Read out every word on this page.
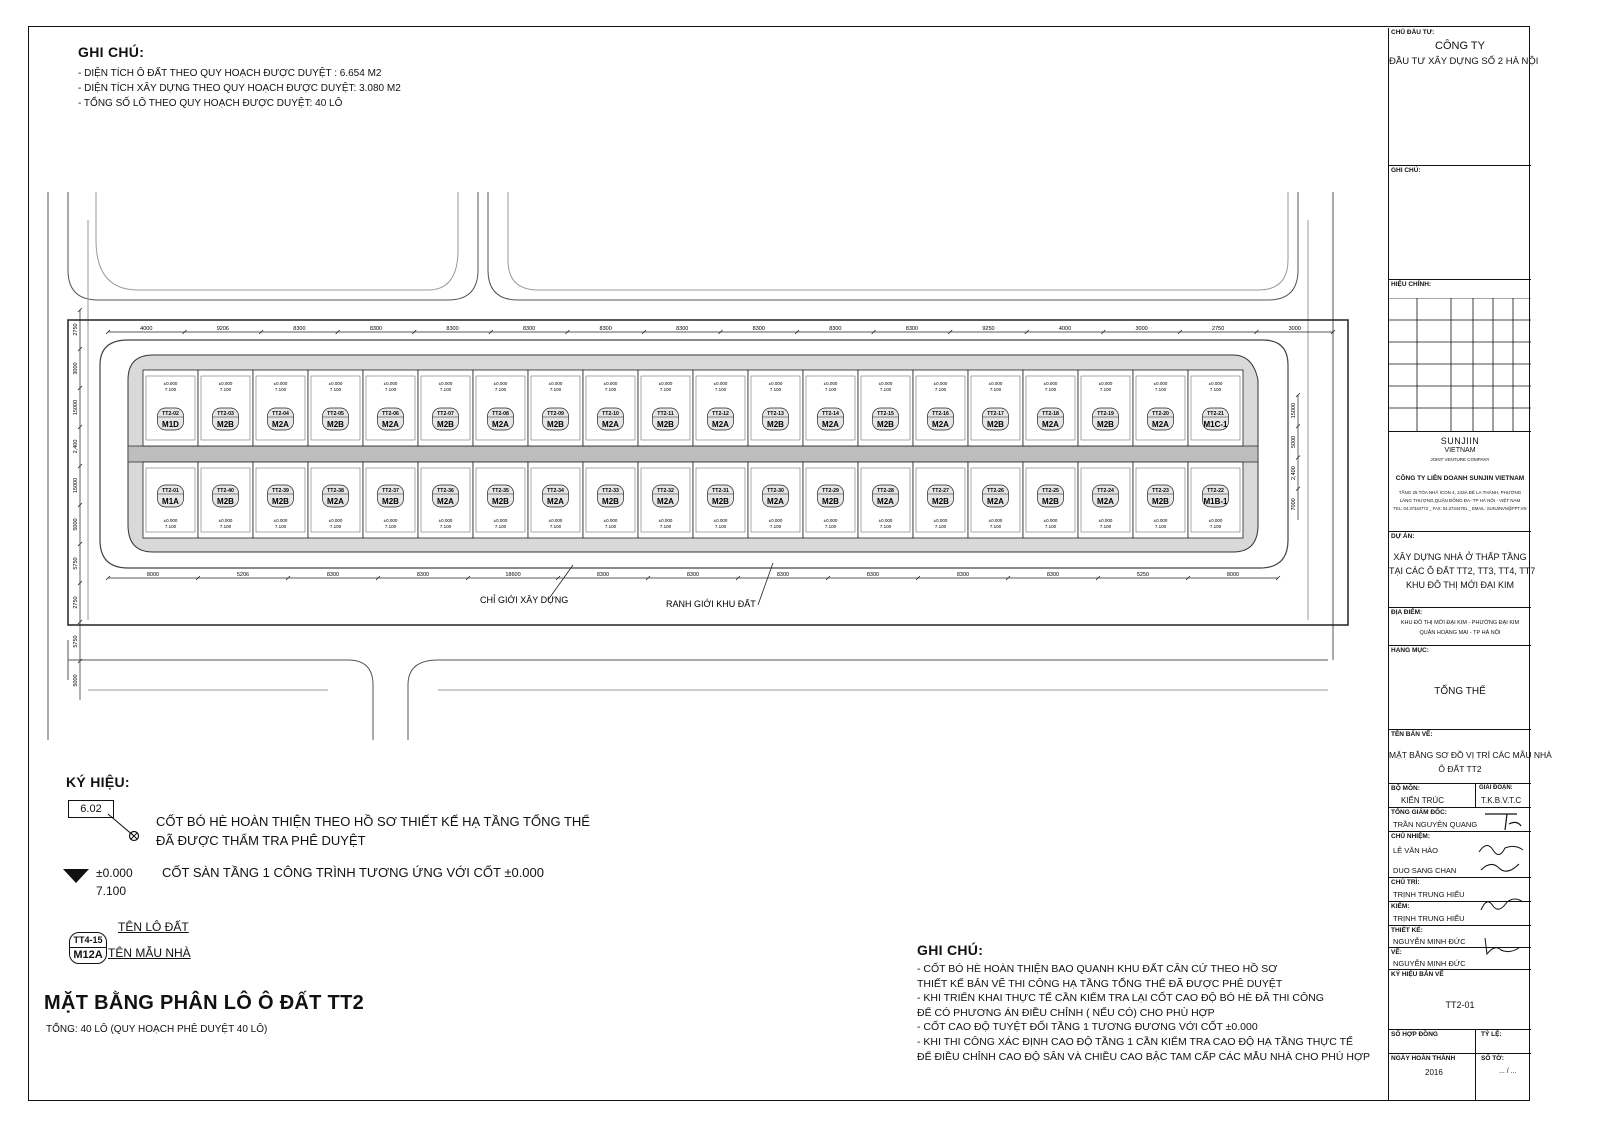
GHI CHÚ:
- DIỆN TÍCH Ô ĐẤT THEO QUY HOẠCH ĐƯỢC DUYỆT : 6.654 M2
- DIỆN TÍCH XÂY DỰNG THEO QUY HOẠCH ĐƯỢC DUYỆT: 3.080 M2
- TỔNG SỐ LÔ THEO QUY HOẠCH ĐƯỢC DUYỆT: 40 LÔ
±0.000
7.100
TT2-02
M1D
±0.000
7.100
TT2-03
M2B
±0.000
7.100
TT2-04
M2A
±0.000
7.100
TT2-05
M2B
±0.000
7.100
TT2-06
M2A
±0.000
7.100
TT2-07
M2B
±0.000
7.100
TT2-08
M2A
±0.000
7.100
TT2-09
M2B
±0.000
7.100
TT2-10
M2A
±0.000
7.100
TT2-11
M2B
±0.000
7.100
TT2-12
M2A
±0.000
7.100
TT2-13
M2B
±0.000
7.100
TT2-14
M2A
±0.000
7.100
TT2-15
M2B
±0.000
7.100
TT2-16
M2A
±0.000
7.100
TT2-17
M2B
±0.000
7.100
TT2-18
M2A
±0.000
7.100
TT2-19
M2B
±0.000
7.100
TT2-20
M2A
±0.000
7.100
TT2-21
M1C-1
±0.000
7.100
TT2-01
M1A
±0.000
7.100
TT2-40
M2B
±0.000
7.100
TT2-39
M2B
±0.000
7.100
TT2-38
M2A
±0.000
7.100
TT2-37
M2B
±0.000
7.100
TT2-36
M2A
±0.000
7.100
TT2-35
M2B
±0.000
7.100
TT2-34
M2A
±0.000
7.100
TT2-33
M2B
±0.000
7.100
TT2-32
M2A
±0.000
7.100
TT2-31
M2B
±0.000
7.100
TT2-30
M2A
±0.000
7.100
TT2-29
M2B
±0.000
7.100
TT2-28
M2A
±0.000
7.100
TT2-27
M2B
±0.000
7.100
TT2-26
M2A
±0.000
7.100
TT2-25
M2B
±0.000
7.100
TT2-24
M2A
±0.000
7.100
TT2-23
M2B
±0.000
7.100
TT2-22
M1B-1
4000	9206	8300	8300	8300	8300	8300	8300	8300	8300	8300	9250	4000	3000	2750	3000
8000	5206	8300	8300	18600	8300	8300	8300	8300	8300	8300	5250	8000
2750
3000
15000
2,400
15000
5000
5750
2750
5750
5000
15000
5000
2,400
7000
CHỈ GIỚI XÂY DỰNG	RANH GIỚI KHU ĐẤT
KÝ HIỆU:
6.02
CỐT BÓ HÈ HOÀN THIỆN THEO HỒ SƠ THIẾT KẾ HẠ TẦNG TỔNG THỂ
ĐÃ ĐƯỢC THẨM TRA PHÊ DUYỆT
±0.000
7.100
CỐT SÀN TẦNG 1 CÔNG TRÌNH TƯƠNG ỨNG VỚI CỐT ±0.000
TT4-15
M12A
TÊN LÔ ĐẤT
TÊN MẪU NHÀ
MẶT BẰNG PHÂN LÔ Ô ĐẤT TT2
TỔNG: 40 LÔ (QUY HOẠCH PHÊ DUYỆT 40 LÔ)
GHI CHÚ:
- CỐT BÓ HÈ HOÀN THIỆN BAO QUANH KHU ĐẤT CĂN CỨ THEO HỒ SƠ
THIẾT KẾ BẢN VẼ THI CÔNG HẠ TẦNG TỔNG THỂ ĐÃ ĐƯỢC PHÊ DUYỆT
- KHI TRIỂN KHAI THỰC TẾ CẦN KIỂM TRA LẠI CỐT CAO ĐỘ BÓ HÈ ĐÃ THI CÔNG
ĐỂ CÓ PHƯƠNG ÁN ĐIỀU CHỈNH ( NẾU CÓ) CHO PHÙ HỢP
- CỐT CAO ĐỘ TUYỆT ĐỐI TẦNG 1 TƯƠNG ĐƯƠNG VỚI CỐT ±0.000
- KHI THI CÔNG XÁC ĐỊNH CAO ĐỘ TẦNG 1 CẦN KIỂM TRA CAO ĐỘ HẠ TẦNG THỰC TẾ
ĐỂ ĐIỀU CHỈNH CAO ĐỘ SÂN VÀ CHIỀU CAO BẬC TAM CẤP CÁC MẪU NHÀ CHO PHÙ HỢP
CHỦ ĐẦU TƯ:
CÔNG TY
ĐẦU TƯ XÂY DỰNG SỐ 2 HÀ NỘI
GHI CHÚ:
HIỆU CHỈNH:
SUNJIIN
VIETNAM
JOINT VENTURE COMPANY
CÔNG TY LIÊN DOANH SUNJIN VIETNAM
TẦNG 25 TÒA NHÀ ICON 4, 243A ĐÊ LA THÀNH, PHƯỜNG
LÁNG THƯỢNG,QUẬN ĐỐNG ĐA- TP HÀ NỘI - VIỆT NAM
TEL: 04.37344773 _ FAX: 04.37344781 _ EMAIL: SUNJINVN@FPT.VN
DỰ ÁN:
XÂY DỰNG NHÀ Ở THẤP TẦNG
TẠI CÁC Ô ĐẤT TT2, TT3, TT4, TT7
KHU ĐÔ THỊ MỚI ĐẠI KIM
ĐỊA ĐIỂM:
KHU ĐÔ THỊ MỚI ĐẠI KIM - PHƯỜNG ĐẠI KIM
QUẬN HOÀNG MAI - TP HÀ NỘI
HẠNG MỤC:
TỔNG THỂ
TÊN BẢN VẼ:
MẶT BẰNG SƠ ĐỒ VỊ TRÍ CÁC MẪU NHÀ
Ô ĐẤT TT2
BỘ MÔN:
KIẾN TRÚC
GIAI ĐOẠN:
T.K.B.V.T.C
TỔNG GIÁM ĐỐC:
TRẦN NGUYÊN QUANG
CHỦ NHIỆM:
LÊ VĂN HÀO
DUO SANG CHAN
CHỦ TRÌ:
TRỊNH TRUNG HIẾU
KIỂM:
TRỊNH TRUNG HIẾU
THIẾT KẾ:
NGUYỄN MINH ĐỨC
VẼ:
NGUYỄN MINH ĐỨC
KÝ HIỆU BẢN VẼ
TT2-01
SỐ HỢP ĐỒNG	TỶ LỆ:
NGÀY HOÀN THÀNH
2016
SỐ TỜ:
... / ...
